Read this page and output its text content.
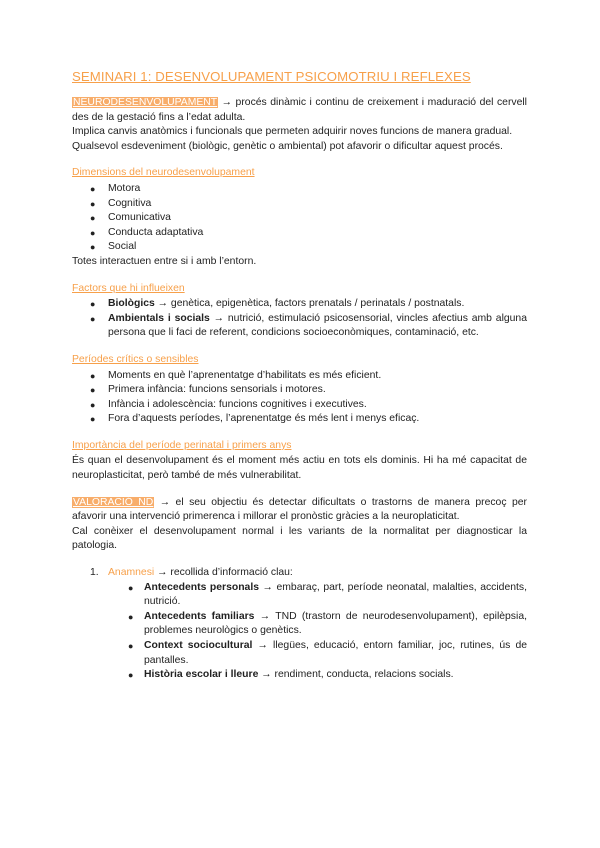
SEMINARI 1: DESENVOLUPAMENT PSICOMOTRIU I REFLEXES

NEURODESENVOLUPAMENT → procés dinàmic i continu de creixement i maduració del cervell des de la gestació fins a l’edat adulta.

Implica canvis anatòmics i funcionals que permeten adquirir noves funcions de manera gradual.

Qualsevol esdeveniment (biològic, genètic o ambiental) pot afavorir o dificultar aquest procés.

Dimensions del neurodesenvolupament
● Motora
● Cognitiva
● Comunicativa
● Conducta adaptativa
● Social

Totes interactuen entre si i amb l’entorn.

Factors que hi influeixen
● Biològics → genètica, epigenètica, factors prenatals / perinatals / postnatals.
● Ambientals i socials → nutrició, estimulació psicosensorial, vincles afectius amb alguna persona que li faci de referent, condicions socioeconòmiques, contaminació, etc.
Períodes crítics o sensibles
● Moments en què l’aprenentatge d’habilitats es més eficient.
● Primera infància: funcions sensorials i motores.
● Infància i adolescència: funcions cognitives i executives.
● Fora d’aquests períodes, l’aprenentatge és més lent i menys eficaç.
Importància del període perinatal i primers anys

És quan el desenvolupament és el moment més actiu en tots els dominis. Hi ha mé capacitat de neuroplasticitat, però també de més vulnerabilitat.

VALORACIÓ ND → el seu objectiu és detectar dificultats o trastorns de manera precoç per afavorir una intervenció primerenca i millorar el pronòstic gràcies a la neuroplaticitat.

Cal conèixer el desenvolupament normal i les variants de la normalitat per diagnosticar la patologia.

1. Anamnesi → recollida d’informació clau:
● Antecedents personals → embaraç, part, període neonatal, malalties, accidents, nutrició.
● Antecedents familiars → TND (trastorn de neurodesenvolupament), epilèpsia, problemes neurològics o genètics.
● Context sociocultural → llegües, educació, entorn familiar, joc, rutines, ús de pantalles.
● Història escolar i lleure → rendiment, conducta, relacions socials.
